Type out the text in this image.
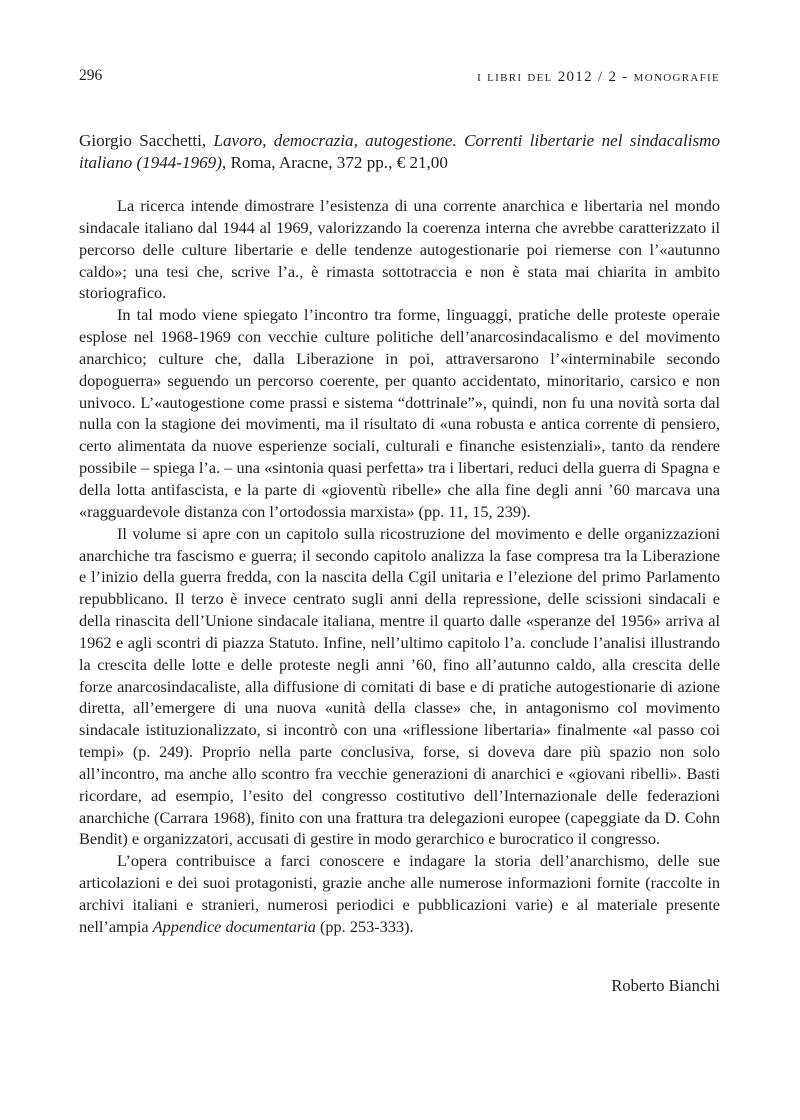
296	i libri del 2012 / 2 - monografie
Giorgio Sacchetti, Lavoro, democrazia, autogestione. Correnti libertarie nel sindacalismo italiano (1944-1969), Roma, Aracne, 372 pp., € 21,00

La ricerca intende dimostrare l’esistenza di una corrente anarchica e libertaria nel mondo sindacale italiano dal 1944 al 1969, valorizzando la coerenza interna che avrebbe caratterizzato il percorso delle culture libertarie e delle tendenze autogestionarie poi riemerse con l’«autunno caldo»; una tesi che, scrive l’a., è rimasta sottotraccia e non è stata mai chiarita in ambito storiografico.

In tal modo viene spiegato l’incontro tra forme, linguaggi, pratiche delle proteste operaie esplose nel 1968-1969 con vecchie culture politiche dell’anarcosindacalismo e del movimento anarchico; culture che, dalla Liberazione in poi, attraversarono l’«interminabile secondo dopoguerra» seguendo un percorso coerente, per quanto accidentato, minoritario, carsico e non univoco. L’«autogestione come prassi e sistema “dottrinale”», quindi, non fu una novità sorta dal nulla con la stagione dei movimenti, ma il risultato di «una robusta e antica corrente di pensiero, certo alimentata da nuove esperienze sociali, culturali e finanche esistenziali», tanto da rendere possibile – spiega l’a. – una «sintonia quasi perfetta» tra i libertari, reduci della guerra di Spagna e della lotta antifascista, e la parte di «gioventù ribelle» che alla fine degli anni ’60 marcava una «ragguardevole distanza con l’ortodossia marxista» (pp. 11, 15, 239).

Il volume si apre con un capitolo sulla ricostruzione del movimento e delle organizzazioni anarchiche tra fascismo e guerra; il secondo capitolo analizza la fase compresa tra la Liberazione e l’inizio della guerra fredda, con la nascita della Cgil unitaria e l’elezione del primo Parlamento repubblicano. Il terzo è invece centrato sugli anni della repressione, delle scissioni sindacali e della rinascita dell’Unione sindacale italiana, mentre il quarto dalle «speranze del 1956» arriva al 1962 e agli scontri di piazza Statuto. Infine, nell’ultimo capitolo l’a. conclude l’analisi illustrando la crescita delle lotte e delle proteste negli anni ’60, fino all’autunno caldo, alla crescita delle forze anarcosindacaliste, alla diffusione di comitati di base e di pratiche autogestionarie di azione diretta, all’emergere di una nuova «unità della classe» che, in antagonismo col movimento sindacale istituzionalizzato, si incontrò con una «riflessione libertaria» finalmente «al passo coi tempi» (p. 249). Proprio nella parte conclusiva, forse, si doveva dare più spazio non solo all’incontro, ma anche allo scontro fra vecchie generazioni di anarchici e «giovani ribelli». Basti ricordare, ad esempio, l’esito del congresso costitutivo dell’Internazionale delle federazioni anarchiche (Carrara 1968), finito con una frattura tra delegazioni europee (capeggiate da D. Cohn Bendit) e organizzatori, accusati di gestire in modo gerarchico e burocratico il congresso.

L’opera contribuisce a farci conoscere e indagare la storia dell’anarchismo, delle sue articolazioni e dei suoi protagonisti, grazie anche alle numerose informazioni fornite (raccolte in archivi italiani e stranieri, numerosi periodici e pubblicazioni varie) e al materiale presente nell’ampia Appendice documentaria (pp. 253-333).

Roberto Bianchi
